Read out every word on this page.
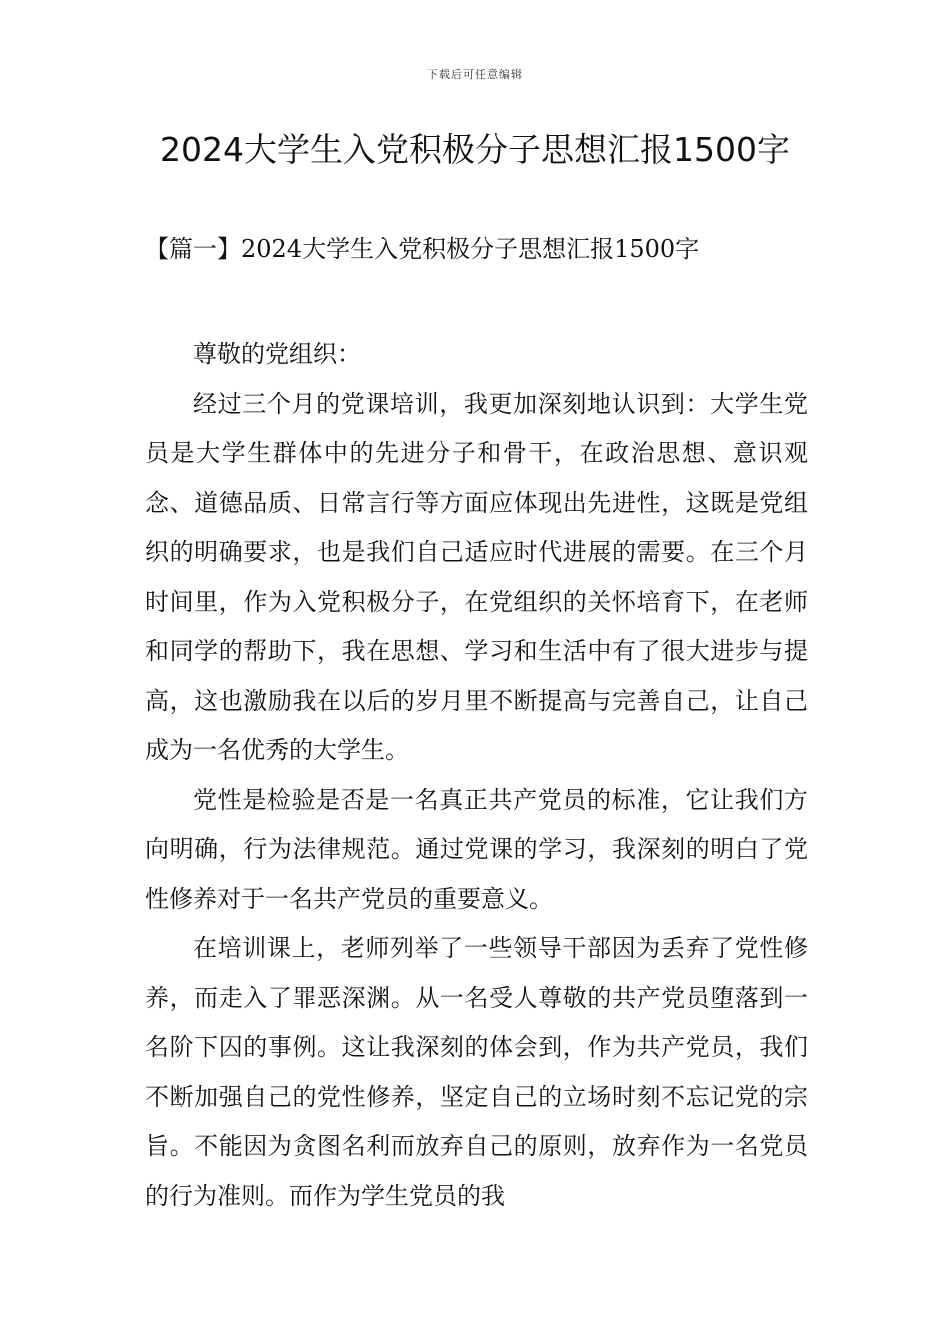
下载后可任意编辑
2024大学生入党积极分子思想汇报1500字
【篇一】2024大学生入党积极分子思想汇报1500字

尊敬的党组织：

经过三个月的党课培训，我更加深刻地认识到：大学生党员是大学生群体中的先进分子和骨干，在政治思想、意识观念、道德品质、日常言行等方面应体现出先进性，这既是党组织的明确要求，也是我们自己适应时代进展的需要。在三个月时间里，作为入党积极分子，在党组织的关怀培育下，在老师和同学的帮助下，我在思想、学习和生活中有了很大进步与提高，这也激励我在以后的岁月里不断提高与完善自己，让自己成为一名优秀的大学生。

党性是检验是否是一名真正共产党员的标准，它让我们方向明确，行为法律规范。通过党课的学习，我深刻的明白了党性修养对于一名共产党员的重要意义。

在培训课上，老师列举了一些领导干部因为丢弃了党性修养，而走入了罪恶深渊。从一名受人尊敬的共产党员堕落到一名阶下囚的事例。这让我深刻的体会到，作为共产党员，我们不断加强自己的党性修养，坚定自己的立场时刻不忘记党的宗旨。不能因为贪图名利而放弃自己的原则，放弃作为一名党员的行为准则。而作为学生党员的我
